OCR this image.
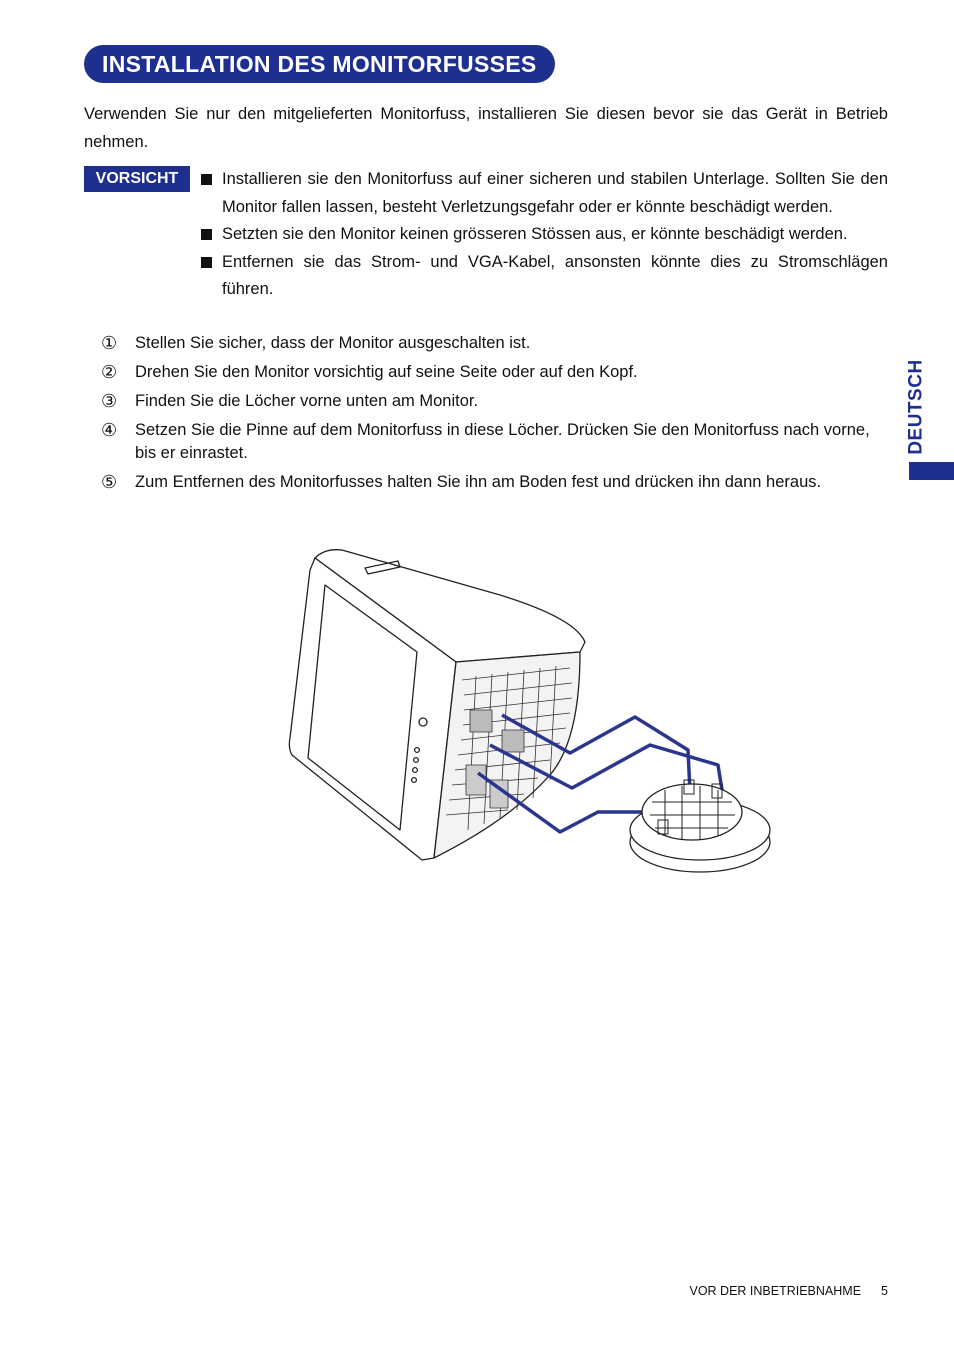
INSTALLATION DES MONITORFUSSES
Verwenden Sie nur den mitgelieferten Monitorfuss, installieren Sie diesen bevor sie das Gerät in Betrieb nehmen.
VORSICHT	Installieren sie den Monitorfuss auf einer sicheren und stabilen Unterlage. Sollten Sie den Monitor fallen lassen, besteht Verletzungsgefahr oder er könnte beschädigt werden.
Setzten sie den Monitor keinen grösseren Stössen aus, er könnte beschädigt werden.
Entfernen sie das Strom- und VGA-Kabel, ansonsten könnte dies zu Stromschlägen führen.
① Stellen Sie sicher, dass der Monitor ausgeschalten ist.
② Drehen Sie den Monitor vorsichtig auf seine Seite oder auf den Kopf.
③ Finden Sie die Löcher vorne unten am Monitor.
④ Setzen Sie die Pinne auf dem Monitorfuss in diese Löcher. Drücken Sie den Monitorfuss nach vorne, bis er einrastet.
⑤ Zum Entfernen des Monitorfusses halten Sie ihn am Boden fest und drücken ihn dann heraus.
DEUTSCH
VOR DER INBETRIEBNAHME 5
